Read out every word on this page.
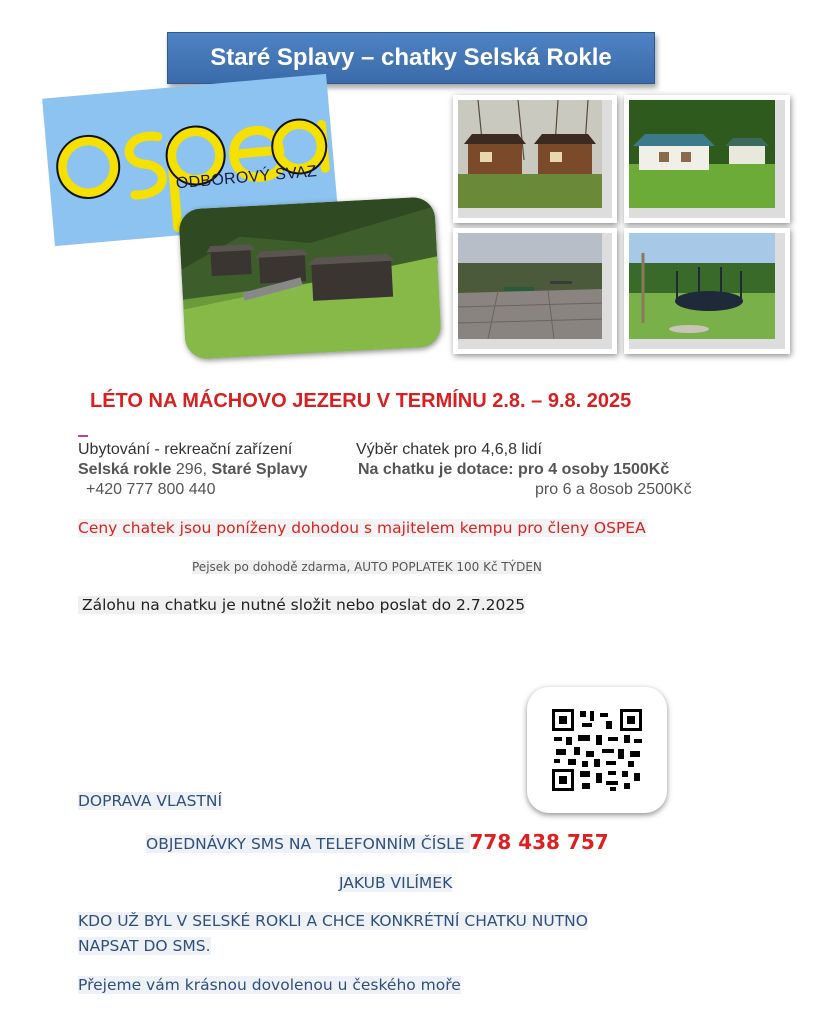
Staré Splavy – chatky Selská Rokle
ODBOROVÝ SVAZ
LÉTO NA MÁCHOVO JEZERU V TERMÍNU 2.8. – 9.8. 2025
Ubytování - rekreační zařízení
Selská rokle 296, Staré Splavy
+420 777 800 440
Výběr chatek pro 4,6,8 lidí
Na chatku je dotace: pro 4 osoby 1500Kč
pro 6 a 8osob 2500Kč
Ceny chatek jsou poníženy dohodou s majitelem kempu pro členy OSPEA
Pejsek po dohodě zdarma, AUTO POPLATEK 100 Kč TÝDEN
Zálohu na chatku je nutné složit nebo poslat do 2.7.2025
DOPRAVA VLASTNÍ
OBJEDNÁVKY SMS NA TELEFONNÍM ČÍSLE 778 438 757
JAKUB VILÍMEK
KDO UŽ BYL V SELSKÉ ROKLI A CHCE KONKRÉTNÍ CHATKU NUTNO
NAPSAT DO SMS.
Přejeme vám krásnou dovolenou u českého moře
